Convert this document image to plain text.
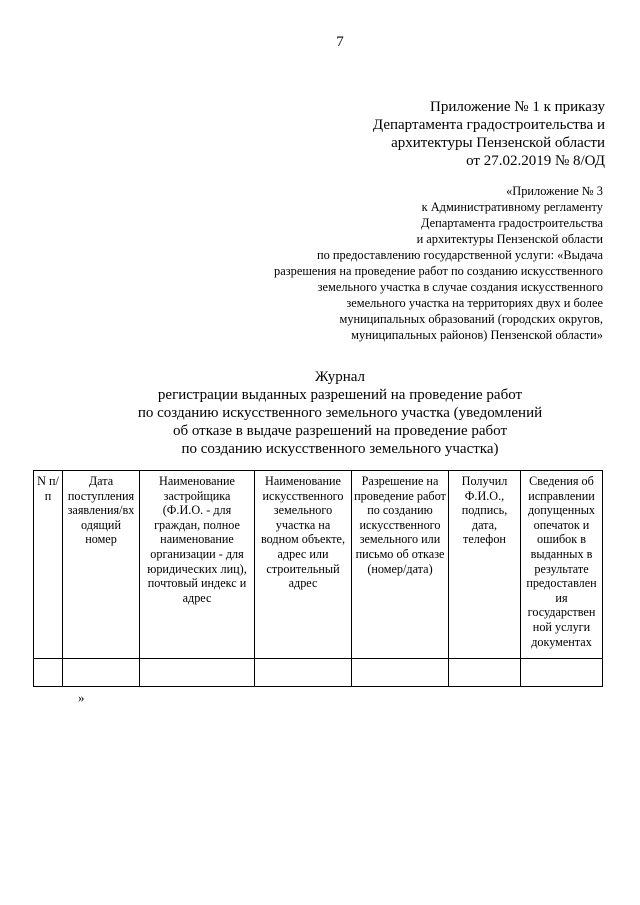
7
Приложение № 1 к приказу
Департамента градостроительства и
архитектуры Пензенской области
от 27.02.2019 № 8/ОД
«Приложение № 3
к Административному регламенту
Департамента градостроительства
и архитектуры Пензенской области
по предоставлению государственной услуги: «Выдача
разрешения на проведение работ по созданию искусственного
земельного участка в случае создания искусственного
земельного участка на территориях двух и более
муниципальных образований (городских округов,
муниципальных районов) Пензенской области»
Журнал
регистрации выданных разрешений на проведение работ
по созданию искусственного земельного участка (уведомлений
об отказе в выдаче разрешений на проведение работ
по созданию искусственного земельного участка)
N п/п	Дата поступления заявления/вх одящий номер	Наименование застройщика (Ф.И.О. - для граждан, полное наименование организации - для юридических лиц), почтовый индекс и адрес	Наименование искусственного земельного участка на водном объекте, адрес или строительный адрес	Разрешение на проведение работ по созданию искусственного земельного или письмо об отказе (номер/дата)	Получил Ф.И.О., подпись, дата, телефон	Сведения об исправлении допущенных опечаток и ошибок в выданных в результате предоставлен ия государствен ной услуги документах

»
